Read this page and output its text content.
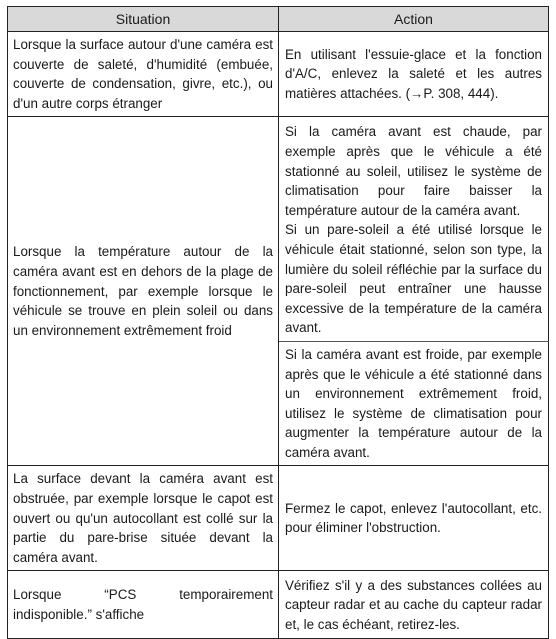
Situation	Action
Lorsque la surface autour d'une caméra est couverte de saleté, d'humidité (embuée, couverte de condensation, givre, etc.), ou d'un autre corps étranger	En utilisant l'essuie-glace et la fonction d'A/C, enlevez la saleté et les autres matières attachées. (→P. 308, 444).
Lorsque la température autour de la caméra avant est en dehors de la plage de fonctionnement, par exemple lorsque le véhicule se trouve en plein soleil ou dans un environnement extrêmement froid	Si la caméra avant est chaude, par exemple après que le véhicule a été stationné au soleil, utilisez le système de climatisation pour faire baisser la température autour de la caméra avant.
Si un pare-soleil a été utilisé lorsque le véhicule était stationné, selon son type, la lumière du soleil réfléchie par la surface du pare-soleil peut entraîner une hausse excessive de la température de la caméra avant.

	Si la caméra avant est froide, par exemple après que le véhicule a été stationné dans un environnement extrêmement froid, utilisez le système de climatisation pour augmenter la température autour de la caméra avant.
La surface devant la caméra avant est obstruée, par exemple lorsque le capot est ouvert ou qu'un autocollant est collé sur la partie du pare-brise située devant la caméra avant.	Fermez le capot, enlevez l'autocollant, etc. pour éliminer l'obstruction.
Lorsque “PCS temporairement indisponible.” s'affiche	Vérifiez s'il y a des substances collées au capteur radar et au cache du capteur radar et, le cas échéant, retirez-les.
